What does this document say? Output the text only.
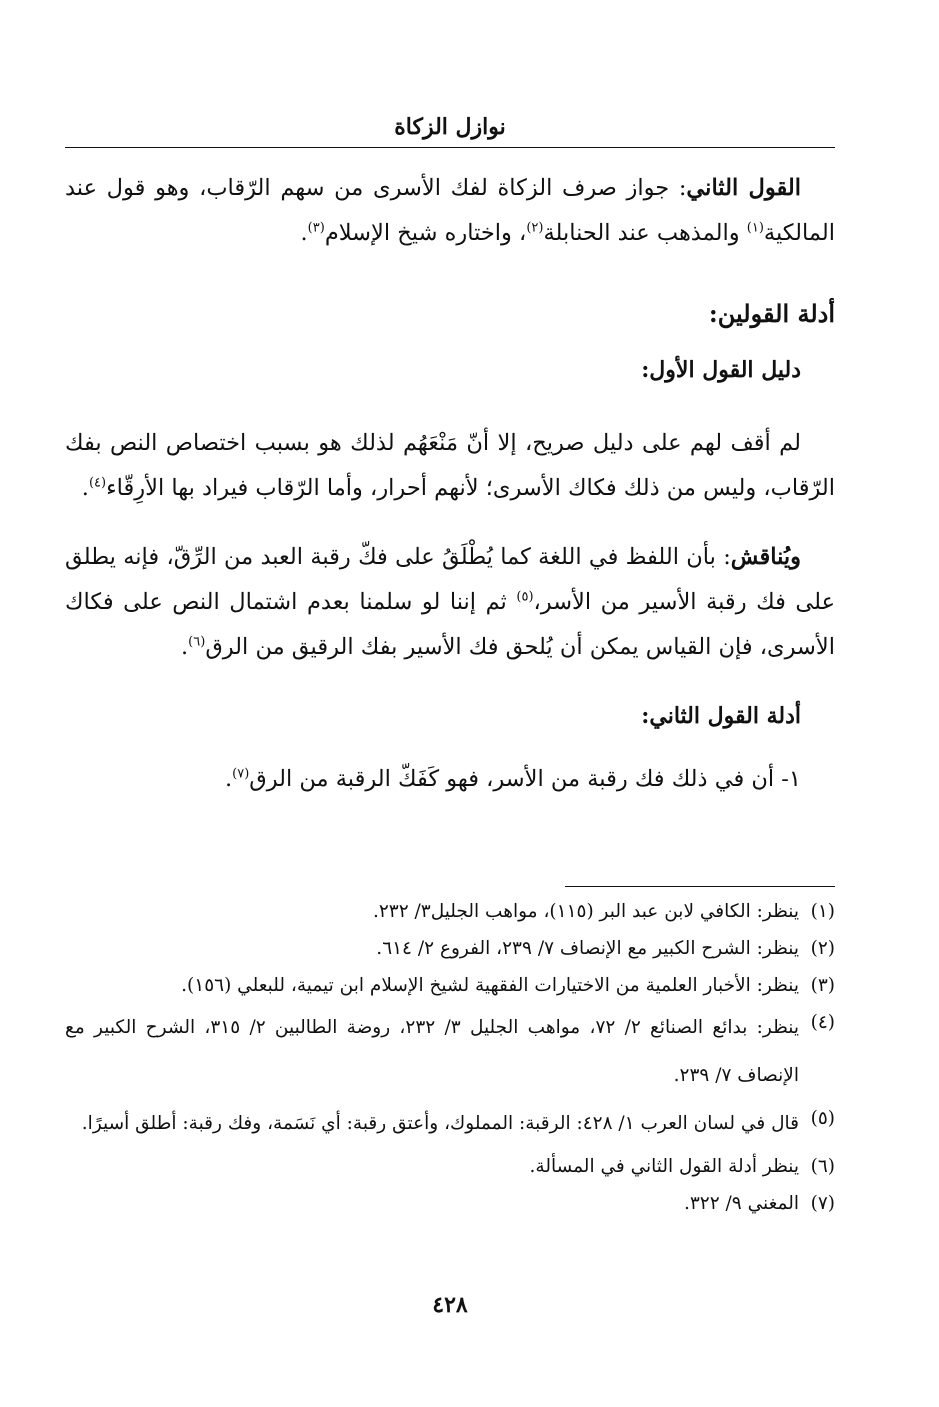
نوازل الزكاة

القول الثاني: جواز صرف الزكاة لفك الأسرى من سهم الرّقاب، وهو قول عند المالكية$^{(١)}$ والمذهب عند الحنابلة$^{(٢)}$، واختاره شيخ الإسلام$^{(٣)}$.

أدلة القولين:
دليل القول الأول:

لم أقف لهم على دليل صريح، إلا أنّ مَنْعَهُم لذلك هو بسبب اختصاص النص بفك الرّقاب، وليس من ذلك فكاك الأسرى؛ لأنهم أحرار، وأما الرّقاب فيراد بها الأرِقّاء$^{(٤)}$.

ويُناقش: بأن اللفظ في اللغة كما يُطْلَقُ على فكّ رقبة العبد من الرِّقّ، فإنه يطلق على فك رقبة الأسير من الأسر،$^{(٥)}$ ثم إننا لو سلمنا بعدم اشتمال النص على فكاك الأسرى، فإن القياس يمكن أن يُلحق فك الأسير بفك الرقيق من الرق$^{(٦)}$.

أدلة القول الثاني:

١- أن في ذلك فك رقبة من الأسر، فهو كَفَكّ الرقبة من الرق$^{(٧)}$.

(١)
ينظر: الكافي لابن عبد البر (١١٥)، مواهب الجليل٣/ ٢٣٢.
(٢)
ينظر: الشرح الكبير مع الإنصاف ٧/ ٢٣٩، الفروع ٢/ ٦١٤.
(٣)
ينظر: الأخبار العلمية من الاختيارات الفقهية لشيخ الإسلام ابن تيمية، للبعلي (١٥٦).
(٤)
ينظر: بدائع الصنائع ٢/ ٧٢، مواهب الجليل ٣/ ٢٣٢، روضة الطالبين ٢/ ٣١٥، الشرح الكبير مع الإنصاف ٧/ ٢٣٩.
(٥)
قال في لسان العرب ١/ ٤٢٨: الرقبة: المملوك، وأعتق رقبة: أي نَسَمة، وفك رقبة: أطلق أسيرًا.
(٦)
ينظر أدلة القول الثاني في المسألة.
(٧)
المغني ٩/ ٣٢٢.
٤٢٨
